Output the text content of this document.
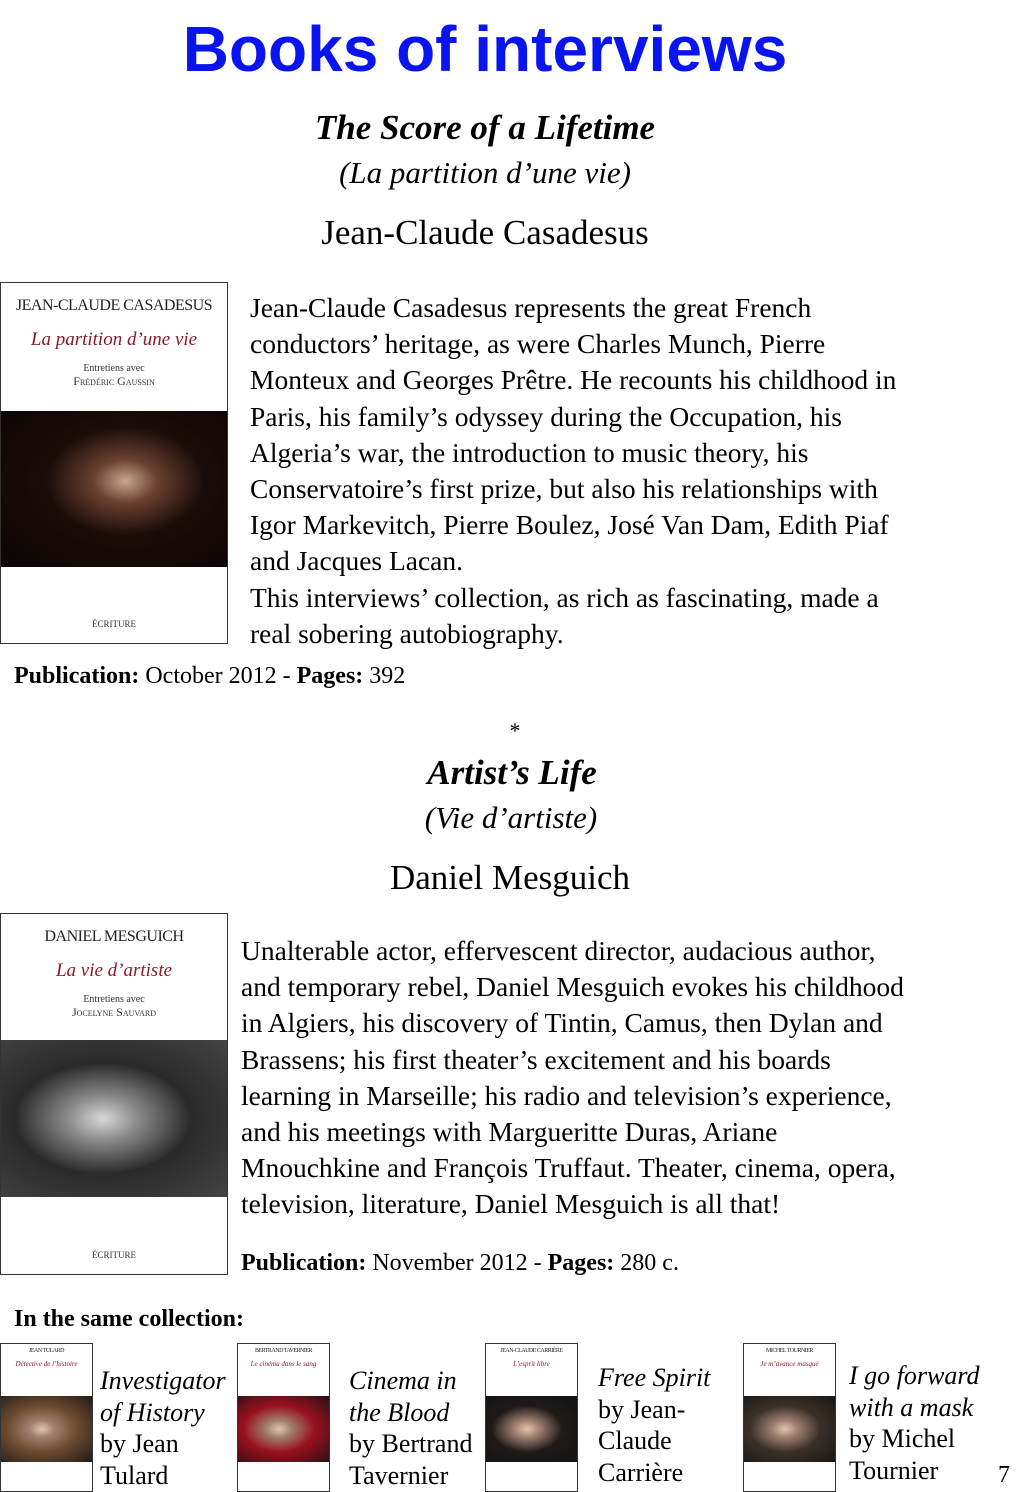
Books of interviews
The Score of a Lifetime
(La partition d’une vie)
Jean-Claude Casadesus
JEAN-CLAUDE CASADESUS
La partition d’une vie
Entretiens avec
Frédéric Gaussin
ÉCRITURE
Jean-Claude Casadesus represents the great French
conductors’ heritage, as were Charles Munch, Pierre
Monteux and Georges Prêtre. He recounts his childhood in
Paris, his family’s odyssey during the Occupation, his
Algeria’s war, the introduction to music theory, his
Conservatoire’s first prize, but also his relationships with
Igor Markevitch, Pierre Boulez, José Van Dam, Edith Piaf
and Jacques Lacan.
This interviews’ collection, as rich as fascinating, made a
real sobering autobiography.
Publication: October 2012 - Pages: 392
*
Artist’s Life
(Vie d’artiste)
Daniel Mesguich
DANIEL MESGUICH
La vie d’artiste
Entretiens avec
Jocelyne Sauvard
ÉCRITURE
Unalterable actor, effervescent director, audacious author,
and temporary rebel, Daniel Mesguich evokes his childhood
in Algiers, his discovery of Tintin, Camus, then Dylan and
Brassens; his first theater’s excitement and his boards
learning in Marseille; his radio and television’s experience,
and his meetings with Margueritte Duras, Ariane
Mnouchkine and François Truffaut. Theater, cinema, opera,
television, literature, Daniel Mesguich is all that!
Publication: November 2012 - Pages: 280 c.
In the same collection:
JEAN TULARD
Détective de l’histoire
Investigator
of History
by Jean
Tulard
BERTRAND TAVERNIER
Le cinéma dans le sang
Cinema in
the Blood
by Bertrand
Tavernier
JEAN-CLAUDE CARRIÈRE
L’esprit libre	Free Spirit
by Jean-
Claude
Carrière
MICHEL TOURNIER
Je m’avance masqué	I go forward
with a mask
by Michel
Tournier	7
